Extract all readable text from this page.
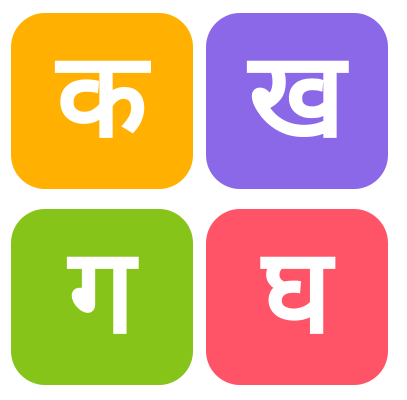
क ख
ग घ
